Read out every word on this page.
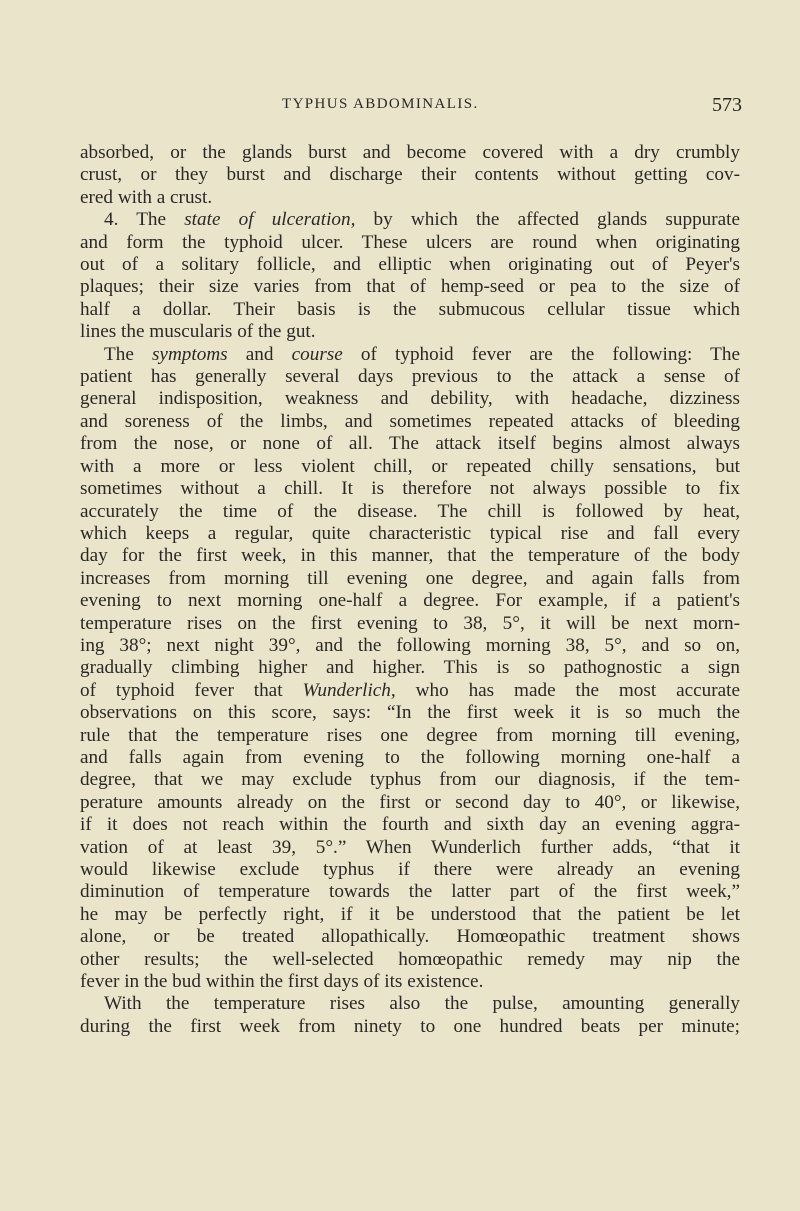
TYPHUS ABDOMINALIS.	573
absorbed, or the glands burst and become covered with a dry crumbly
crust, or they burst and discharge their contents without getting cov-
ered with a crust.
4. The state of ulceration, by which the affected glands suppurate
and form the typhoid ulcer. These ulcers are round when originating
out of a solitary follicle, and elliptic when originating out of Peyer's
plaques; their size varies from that of hemp-seed or pea to the size of
half a dollar. Their basis is the submucous cellular tissue which
lines the muscularis of the gut.
The symptoms and course of typhoid fever are the following: The
patient has generally several days previous to the attack a sense of
general indisposition, weakness and debility, with headache, dizziness
and soreness of the limbs, and sometimes repeated attacks of bleeding
from the nose, or none of all. The attack itself begins almost always
with a more or less violent chill, or repeated chilly sensations, but
sometimes without a chill. It is therefore not always possible to fix
accurately the time of the disease. The chill is followed by heat,
which keeps a regular, quite characteristic typical rise and fall every
day for the first week, in this manner, that the temperature of the body
increases from morning till evening one degree, and again falls from
evening to next morning one-half a degree. For example, if a patient's
temperature rises on the first evening to 38, 5°, it will be next morn-
ing 38°; next night 39°, and the following morning 38, 5°, and so on,
gradually climbing higher and higher. This is so pathognostic a sign
of typhoid fever that Wunderlich, who has made the most accurate
observations on this score, says: “In the first week it is so much the
rule that the temperature rises one degree from morning till evening,
and falls again from evening to the following morning one-half a
degree, that we may exclude typhus from our diagnosis, if the tem-
perature amounts already on the first or second day to 40°, or likewise,
if it does not reach within the fourth and sixth day an evening aggra-
vation of at least 39, 5°.” When Wunderlich further adds, “that it
would likewise exclude typhus if there were already an evening
diminution of temperature towards the latter part of the first week,”
he may be perfectly right, if it be understood that the patient be let
alone, or be treated allopathically. Homœopathic treatment shows
other results; the well-selected homœopathic remedy may nip the
fever in the bud within the first days of its existence.
With the temperature rises also the pulse, amounting generally
during the first week from ninety to one hundred beats per minute;
